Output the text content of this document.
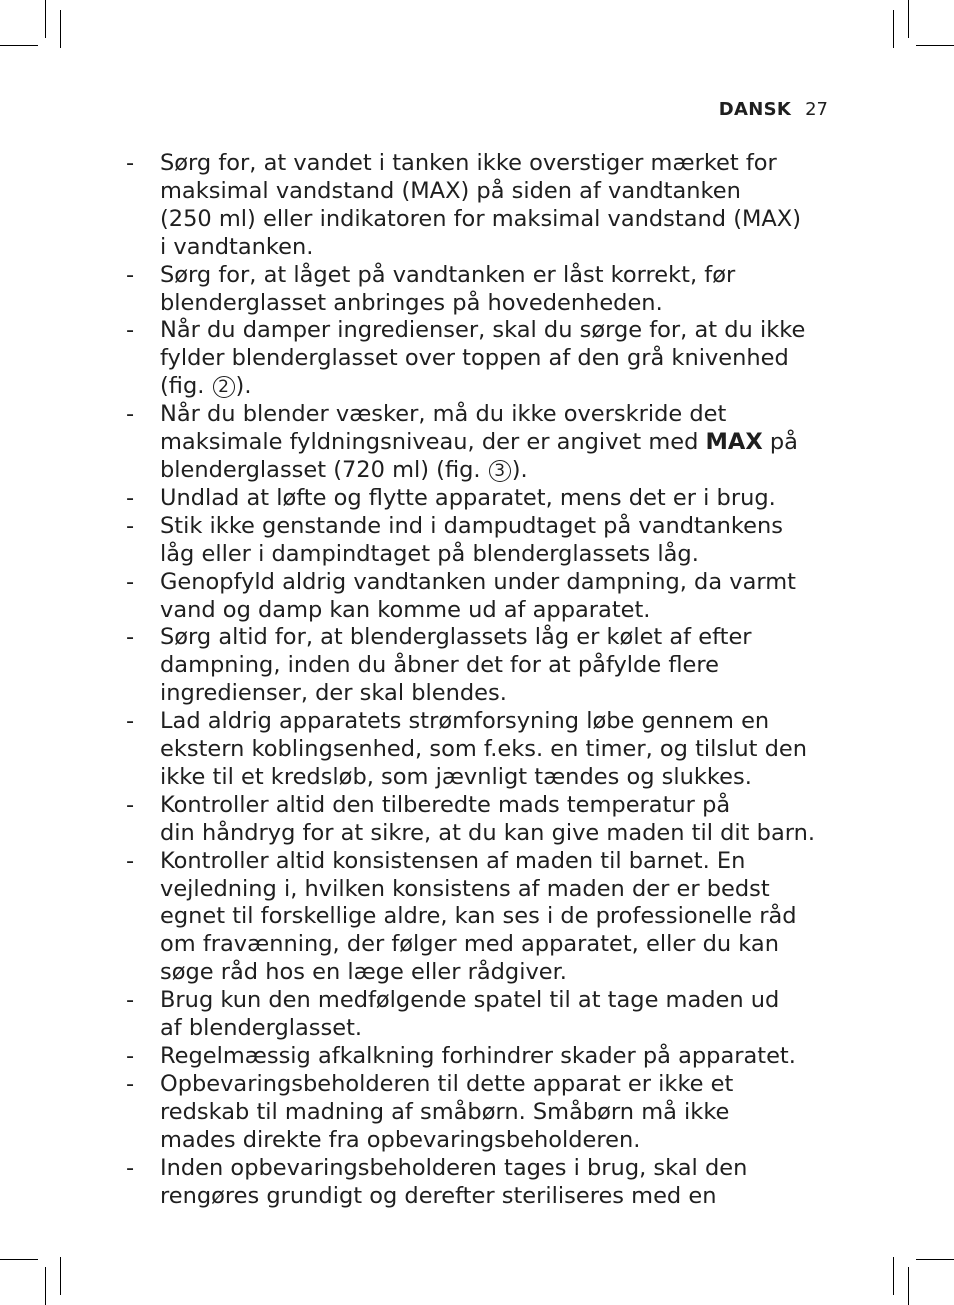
DANSK 27
- Sørg for, at vandet i tanken ikke overstiger mærket for
maksimal vandstand (MAX) på siden af vandtanken
(250 ml) eller indikatoren for maksimal vandstand (MAX)
i vandtanken.
- Sørg for, at låget på vandtanken er låst korrekt, før
blenderglasset anbringes på hovedenheden.
- Når du damper ingredienser, skal du sørge for, at du ikke
fylder blenderglasset over toppen af den grå knivenhed
(fig. 2 ).
- Når du blender væsker, må du ikke overskride det
maksimale fyldningsniveau, der er angivet med MAX på
blenderglasset (720 ml) (fig. 3 ).
- Undlad at løfte og flytte apparatet, mens det er i brug.
- Stik ikke genstande ind i dampudtaget på vandtankens
låg eller i dampindtaget på blenderglassets låg.
- Genopfyld aldrig vandtanken under dampning, da varmt
vand og damp kan komme ud af apparatet.
- Sørg altid for, at blenderglassets låg er kølet af efter
dampning, inden du åbner det for at påfylde flere
ingredienser, der skal blendes.
- Lad aldrig apparatets strømforsyning løbe gennem en
ekstern koblingsenhed, som f.eks. en timer, og tilslut den
ikke til et kredsløb, som jævnligt tændes og slukkes.
- Kontroller altid den tilberedte mads temperatur på
din håndryg for at sikre, at du kan give maden til dit barn.
- Kontroller altid konsistensen af maden til barnet. En
vejledning i, hvilken konsistens af maden der er bedst
egnet til forskellige aldre, kan ses i de professionelle råd
om fravænning, der følger med apparatet, eller du kan
søge råd hos en læge eller rådgiver.
- Brug kun den medfølgende spatel til at tage maden ud
af blenderglasset.
- Regelmæssig afkalkning forhindrer skader på apparatet.
- Opbevaringsbeholderen til dette apparat er ikke et
redskab til madning af småbørn. Småbørn må ikke
mades direkte fra opbevaringsbeholderen.
- Inden opbevaringsbeholderen tages i brug, skal den
rengøres grundigt og derefter steriliseres med en
